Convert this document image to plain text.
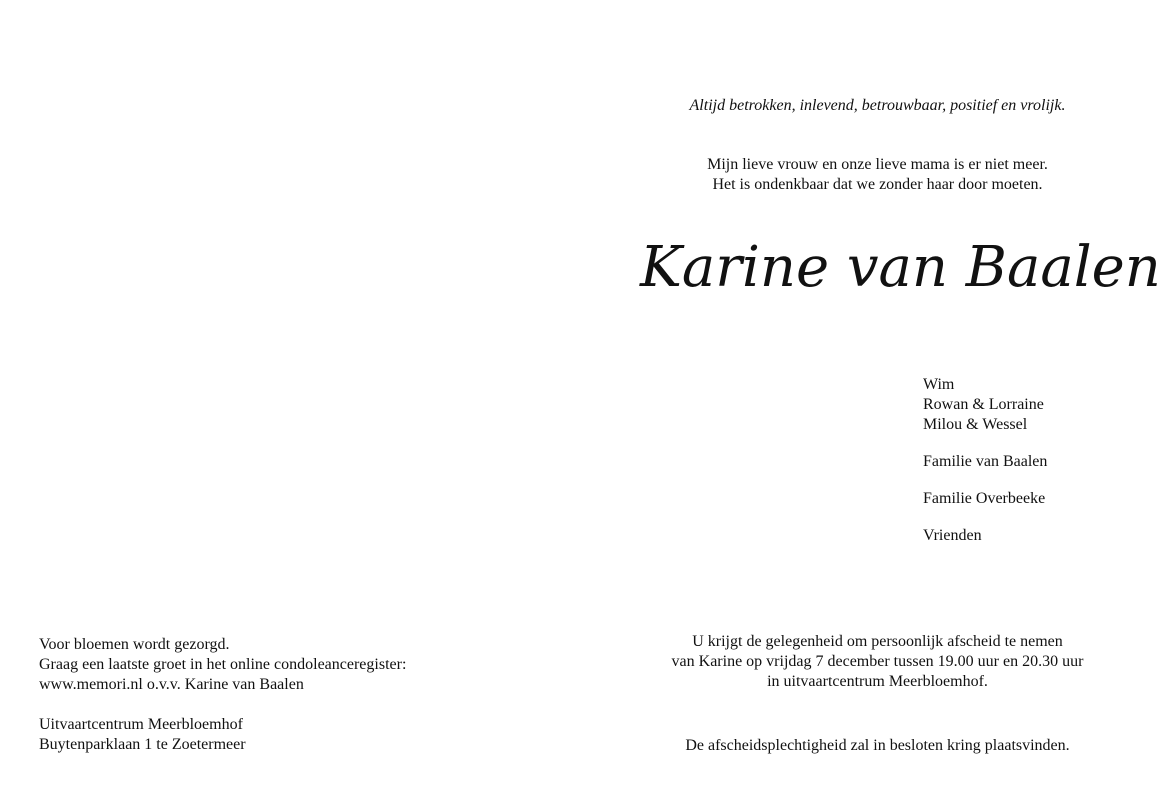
Altijd betrokken, inlevend, betrouwbaar, positief en vrolijk.
Mijn lieve vrouw en onze lieve mama is er niet meer.
Het is ondenkbaar dat we zonder haar door moeten.
Karine van Baalen
Wim
Rowan & Lorraine
Milou & Wessel
Familie van Baalen
Familie Overbeeke
Vrienden
Voor bloemen wordt gezorgd.
Graag een laatste groet in het online condoleanceregister:
www.memori.nl o.v.v. Karine van Baalen
Uitvaartcentrum Meerbloemhof
Buytenparklaan 1 te Zoetermeer
U krijgt de gelegenheid om persoonlijk afscheid te nemen
van Karine op vrijdag 7 december tussen 19.00 uur en 20.30 uur
in uitvaartcentrum Meerbloemhof.
De afscheidsplechtigheid zal in besloten kring plaatsvinden.
